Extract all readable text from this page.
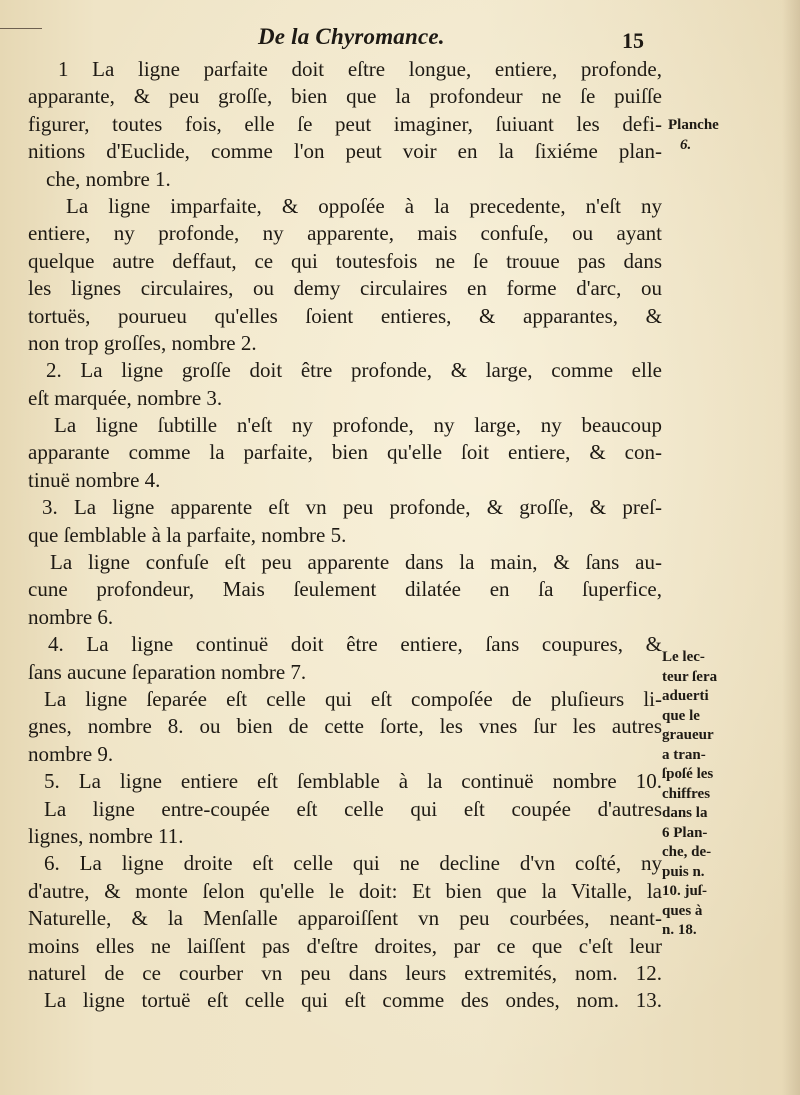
De la Chyromance.	15
1 La ligne parfaite doit eſtre longue, entiere, profonde,
apparante, & peu groſſe, bien que la profondeur ne ſe puiſſe
figurer, toutes fois, elle ſe peut imaginer, ſuiuant les defi-
nitions d'Euclide, comme l'on peut voir en la ſixiéme plan-
che, nombre 1.
La ligne imparfaite, & oppoſée à la precedente, n'eſt ny
entiere, ny profonde, ny apparente, mais confuſe, ou ayant
quelque autre deffaut, ce qui toutesfois ne ſe trouue pas dans
les lignes circulaires, ou demy circulaires en forme d'arc, ou
tortuës, pourueu qu'elles ſoient entieres, & apparantes, &
non trop groſſes, nombre 2.
2. La ligne groſſe doit être profonde, & large, comme elle
eſt marquée, nombre 3.
La ligne ſubtille n'eſt ny profonde, ny large, ny beaucoup
apparante comme la parfaite, bien qu'elle ſoit entiere, & con-
tinuë nombre 4.
3. La ligne apparente eſt vn peu profonde, & groſſe, & preſ-
que ſemblable à la parfaite, nombre 5.
La ligne confuſe eſt peu apparente dans la main, & ſans au-
cune profondeur, Mais ſeulement dilatée en ſa ſuperfice,
nombre 6.
4. La ligne continuë doit être entiere, ſans coupures, &
ſans aucune ſeparation nombre 7.
La ligne ſeparée eſt celle qui eſt compoſée de pluſieurs li-
gnes, nombre 8. ou bien de cette ſorte, les vnes ſur les autres
nombre 9.
5. La ligne entiere eſt ſemblable à la continuë nombre 10.
La ligne entre-coupée eſt celle qui eſt coupée d'autres
lignes, nombre 11.
6. La ligne droite eſt celle qui ne decline d'vn coſté, ny
d'autre, & monte ſelon qu'elle le doit: Et bien que la Vitalle, la
Naturelle, & la Menſalle apparoiſſent vn peu courbées, neant-
moins elles ne laiſſent pas d'eſtre droites, par ce que c'eſt leur
naturel de ce courber vn peu dans leurs extremités, nom. 12.
La ligne tortuë eſt celle qui eſt comme des ondes, nom. 13.
Planche
6.
Le lec-
teur ſera
aduerti
que le
graueur
a tran-
ſpoſé les
chiffres
dans la
6 Plan-
che, de-
puis n.
10. juſ-
ques à
n. 18.
